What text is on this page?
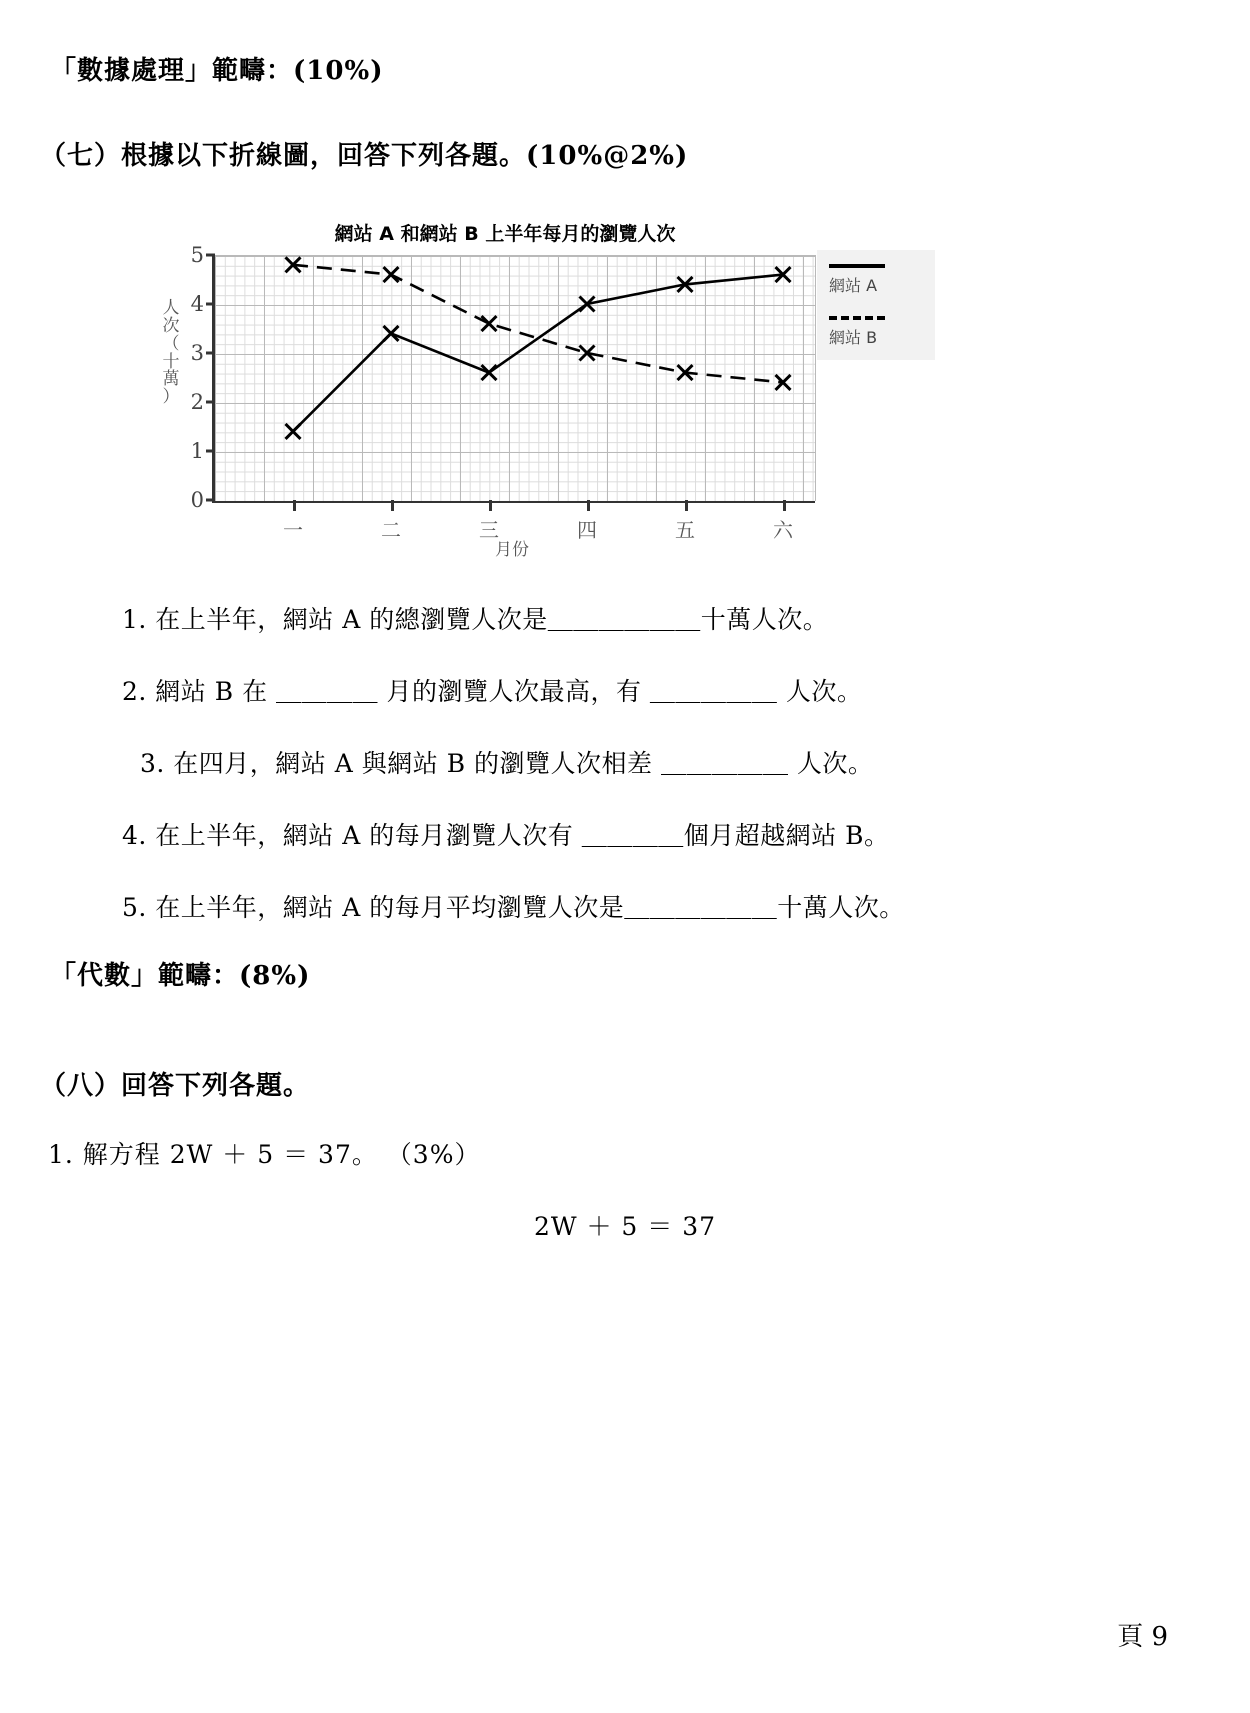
「數據處理」範疇：(10%)
（七）根據以下折線圖，回答下列各題。(10%@2%)
網站 A 和網站 B 上半年每月的瀏覽人次
人
次
（
十
萬
）
0
1
2
3
4
5
一	二	三	四	五	六
月份
網站 A
網站 B
1. 在上半年，網站 A 的總瀏覽人次是＿＿＿＿＿＿十萬人次。
2. 網站 B 在 ＿＿＿＿ 月的瀏覽人次最高，有 ＿＿＿＿＿ 人次。
3. 在四月，網站 A 與網站 B 的瀏覽人次相差 ＿＿＿＿＿ 人次。
4. 在上半年，網站 A 的每月瀏覽人次有 ＿＿＿＿個月超越網站 B。
5. 在上半年，網站 A 的每月平均瀏覽人次是＿＿＿＿＿＿十萬人次。
「代數」範疇：(8%)
（八）回答下列各題。
1. 解方程 2W ＋ 5 ＝ 37。 （3%）
2W ＋ 5 ＝ 37
頁 9
